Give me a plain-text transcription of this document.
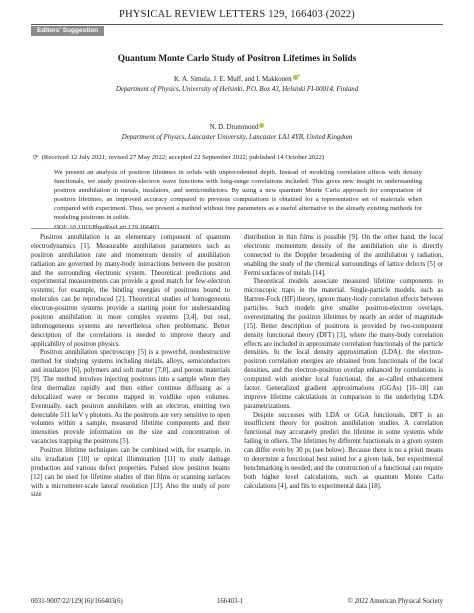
PHYSICAL REVIEW LETTERS 129, 166403 (2022)
Editors' Suggestion
Quantum Monte Carlo Study of Positron Lifetimes in Solids
K. A. Simula, J. E. Muff, and I. Makkonen *
Department of Physics, University of Helsinki, P.O. Box 43, Helsinki FI-00014, Finland
N. D. Drummond
Department of Physics, Lancaster University, Lancaster LA1 4YB, United Kingdom
⟳ (Received 12 July 2021; revised 27 May 2022; accepted 22 September 2022; published 14 October 2022)
We present an analysis of positron lifetimes in solids with unprecedented depth. Instead of modeling correlation effects with density functionals, we study positron-electron wave functions with long-range correlations included. This gives new insight in understanding positron annihilation in metals, insulators, and semiconductors. By using a new quantum Monte Carlo approach for computation of positron lifetimes, an improved accuracy compared to previous computations is obtained for a representative set of materials when compared with experiment. Thus, we present a method without free parameters as a useful alternative to the already existing methods for modeling positrons in solids.
DOI: 10.1103/PhysRevLett.129.166403

Positron annihilation is an elementary component of quantum electrodynamics [1]. Measurable annihilation parameters such as positron annihilation rate and momentum density of annihilation radiation are governed by many-body interactions between the positron and the surrounding electronic system. Theoretical predictions and experimental measurements can provide a good match for few-electron systems; for example, the binding energies of positrons bound to molecules can be reproduced [2]. Theoretical studies of homogeneous electron-positron systems provide a starting point for understanding positron annihilation in more complex systems [3,4], but real, inhomogeneous systems are nevertheless often problematic. Better description of the correlations is needed to improve theory and applicability of positron physics.

Positron annihilation spectroscopy [5] is a powerful, nondestructive method for studying systems including metals, alloys, semiconductors and insulators [6], polymers and soft matter [7,8], and porous materials [9]. The method involves injecting positrons into a sample where they first thermalize rapidly and then either continue diffusing as a delocalized wave or become trapped in voidlike open volumes. Eventually, each positron annihilates with an electron, emitting two detectable 511 keV γ photons. As the positrons are very sensitive to open volumes within a sample, measured lifetime components and their intensities provide information on the size and concentration of vacancies trapping the positrons [5].

Positron lifetime techniques can be combined with, for example, in situ irradiation [10] or optical illumination [11] to study damage production and various defect properties. Pulsed slow positron beams [12] can be used for lifetime studies of thin films or scanning surfaces with a micrometer-scale lateral resolution [13]. Also the study of pore size

distribution in thin films is possible [9]. On the other hand, the local electronic momentum density of the annihilation site is directly connected to the Doppler broadening of the annihilation γ radiation, enabling the study of the chemical surroundings of lattice defects [5] or Fermi surfaces of metals [14].

Theoretical models associate measured lifetime components to microscopic traps in the material. Single-particle models, such as Hartree-Fock (HF) theory, ignore many-body correlation effects between particles. Such models give smaller positron-electron overlaps, overestimating the positron lifetimes by nearly an order of magnitude [15]. Better description of positrons is provided by two-component density functional theory (DFT) [3], where the many-body correlation effects are included in approximate correlation functionals of the particle densities. In the local density approximation (LDA), the electron-positron correlation energies are obtained from functionals of the local densities, and the electron-positron overlap enhanced by correlations is computed with another local functional, the so-called enhancement factor. Generalized gradient approximations (GGAs) [16–18] can improve lifetime calculations in comparison to the underlying LDA parametrizations.

Despite successes with LDA or GGA functionals, DFT is an insufficient theory for positron annihilation studies. A correlation functional may accurately predict the lifetime in some systems while failing in others. The lifetimes by different functionals in a given system can differ even by 30 ps (see below). Because there is no a priori means to determine a functional best suited for a given task, but experimental benchmarking is needed; and the construction of a functional can require both higher level calculations, such as quantum Monte Carlo calculations [4], and fits to experimental data [18].

0031-9007/22/129(16)/166403(6)	166403-1	© 2022 American Physical Society
